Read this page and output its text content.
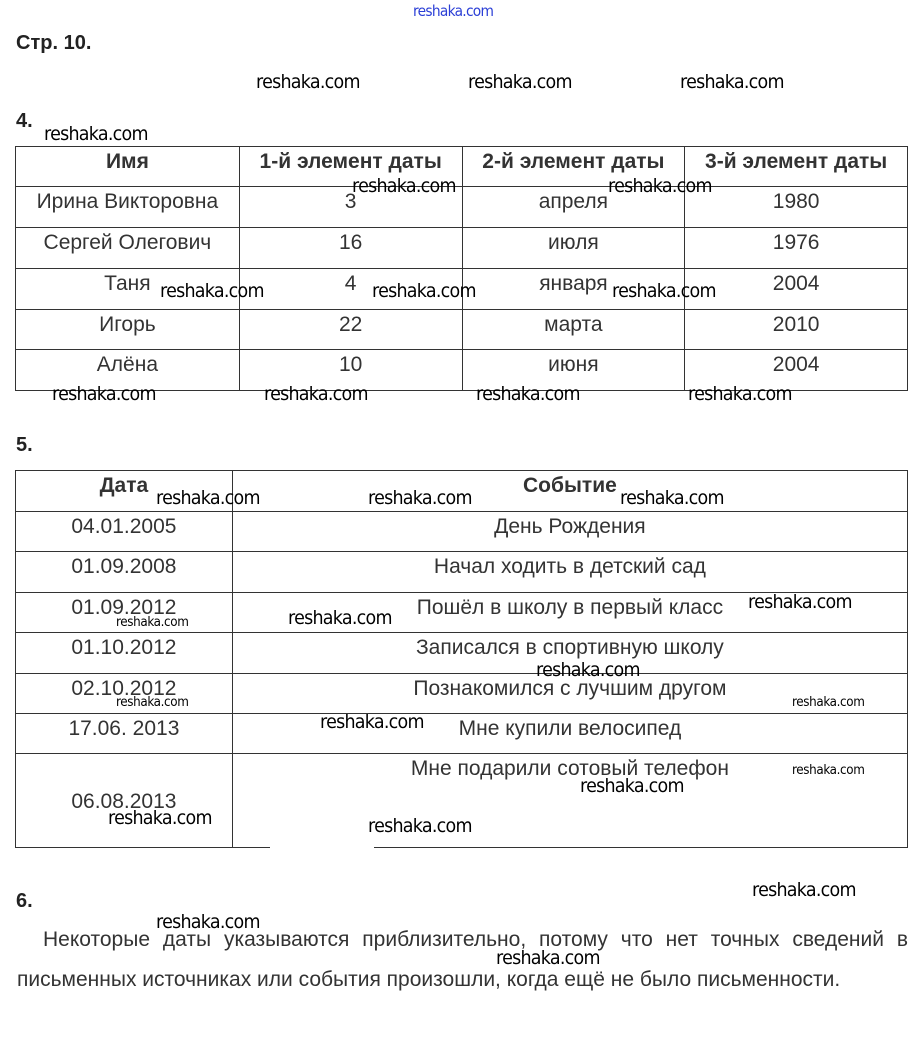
Стр. 10.
4.
Имя	1-й элемент даты	2-й элемент даты	3-й элемент даты
Ирина Викторовна	3	апреля	1980
Сергей Олегович	16	июля	1976
Таня	4	января	2004
Игорь	22	марта	2010
Алёна	10	июня	2004
5.
Дата	Событие
04.01.2005	День Рождения
01.09.2008	Начал ходить в детский сад
01.09.2012	Пошёл в школу в первый класс
01.10.2012	Записался в спортивную школу
02.10.2012	Познакомился с лучшим другом
17.06. 2013	Мне купили велосипед
06.08.2013	Мне подарили сотовый телефон
6.

Некоторые даты указываются приблизительно, потому что нет точных сведений в письменных источниках или события произошли, когда ещё не было письменности.

reshaka.com
reshaka.com	reshaka.com	reshaka.com
reshaka.com
reshaka.com	reshaka.com
reshaka.com	reshaka.com	reshaka.com
reshaka.com	reshaka.com	reshaka.com	reshaka.com
reshaka.com	reshaka.com	reshaka.com
reshaka.com
reshaka.com	reshaka.com
reshaka.com
reshaka.com	reshaka.com
reshaka.com
reshaka.com
reshaka.com
reshaka.com	reshaka.com
reshaka.com
reshaka.com
reshaka.com
